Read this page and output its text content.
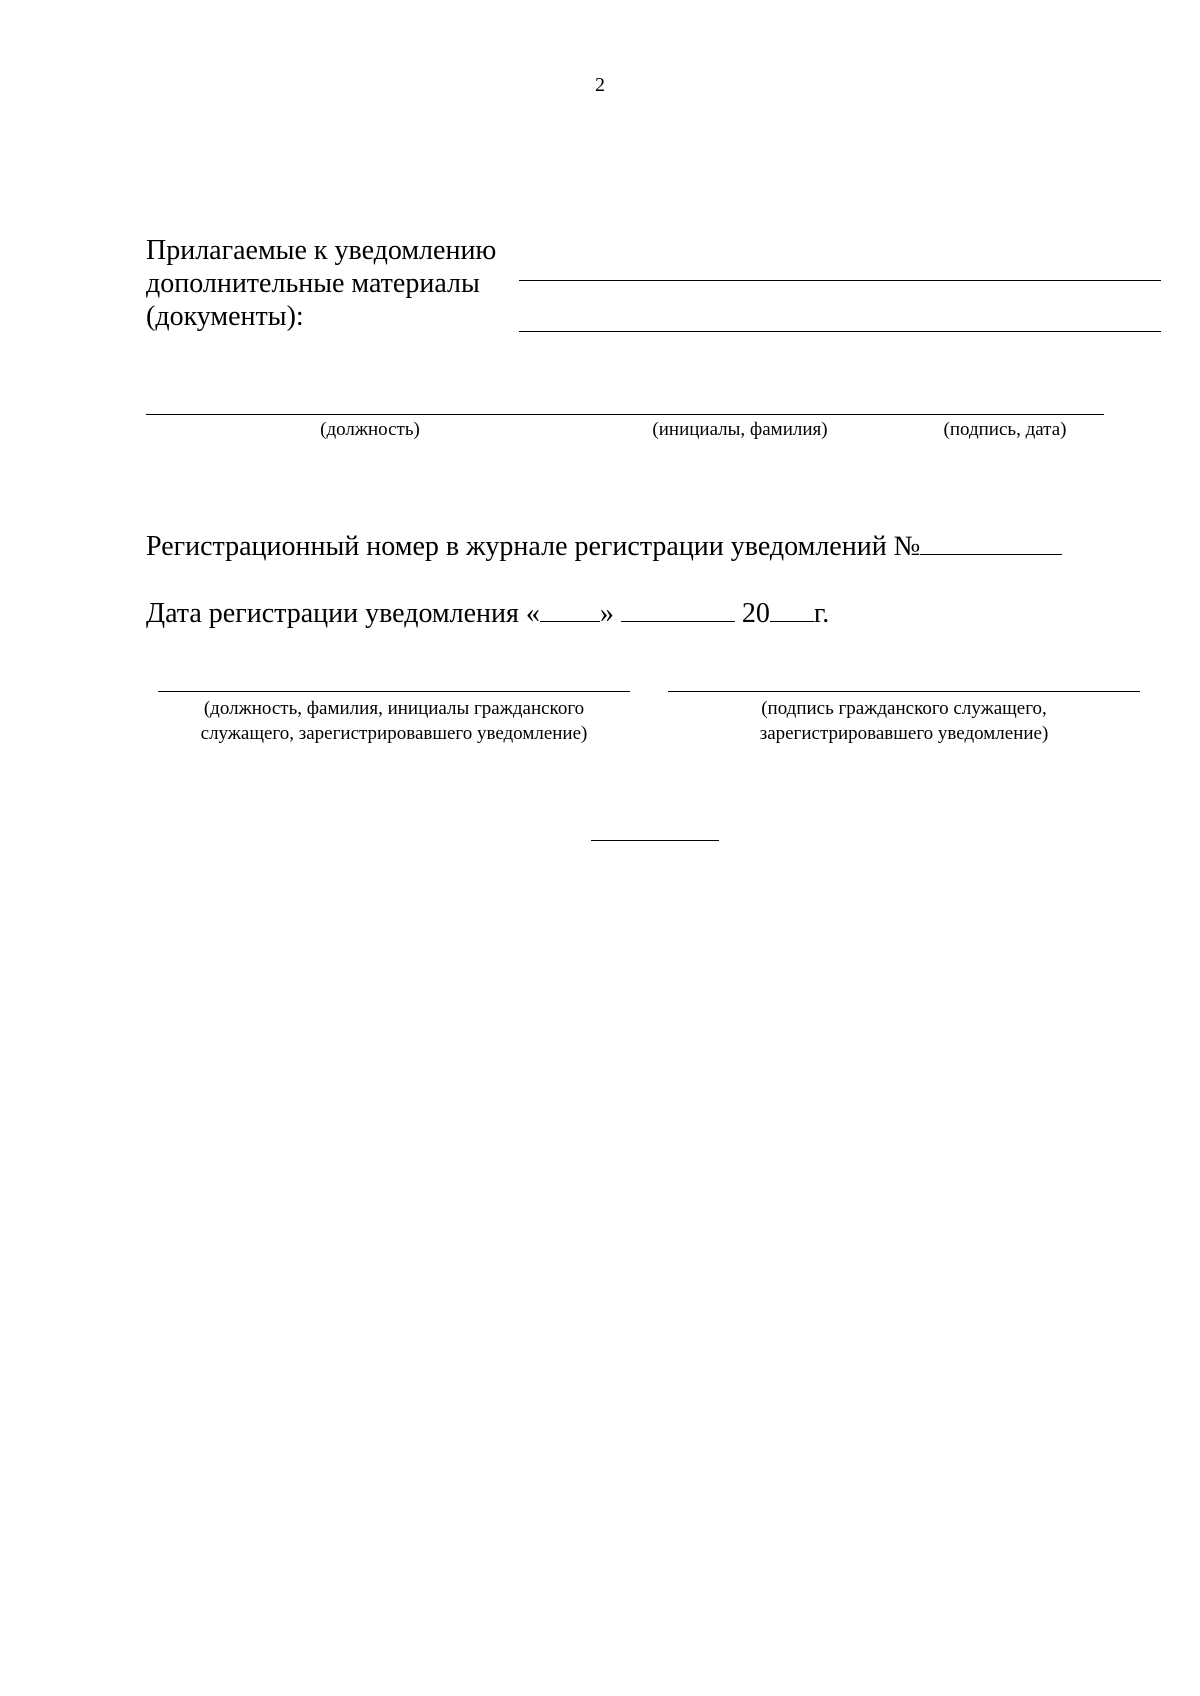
2
Прилагаемые к уведомлению
дополнительные материалы
(документы):
(должность)	(инициалы, фамилия)	(подпись, дата)
Регистрационный номер в журнале регистрации уведомлений №
Дата регистрации уведомления « »	20 г.
(должность, фамилия, инициалы гражданского
служащего, зарегистрировавшего уведомление)
(подпись гражданского служащего,
зарегистрировавшего уведомление)
